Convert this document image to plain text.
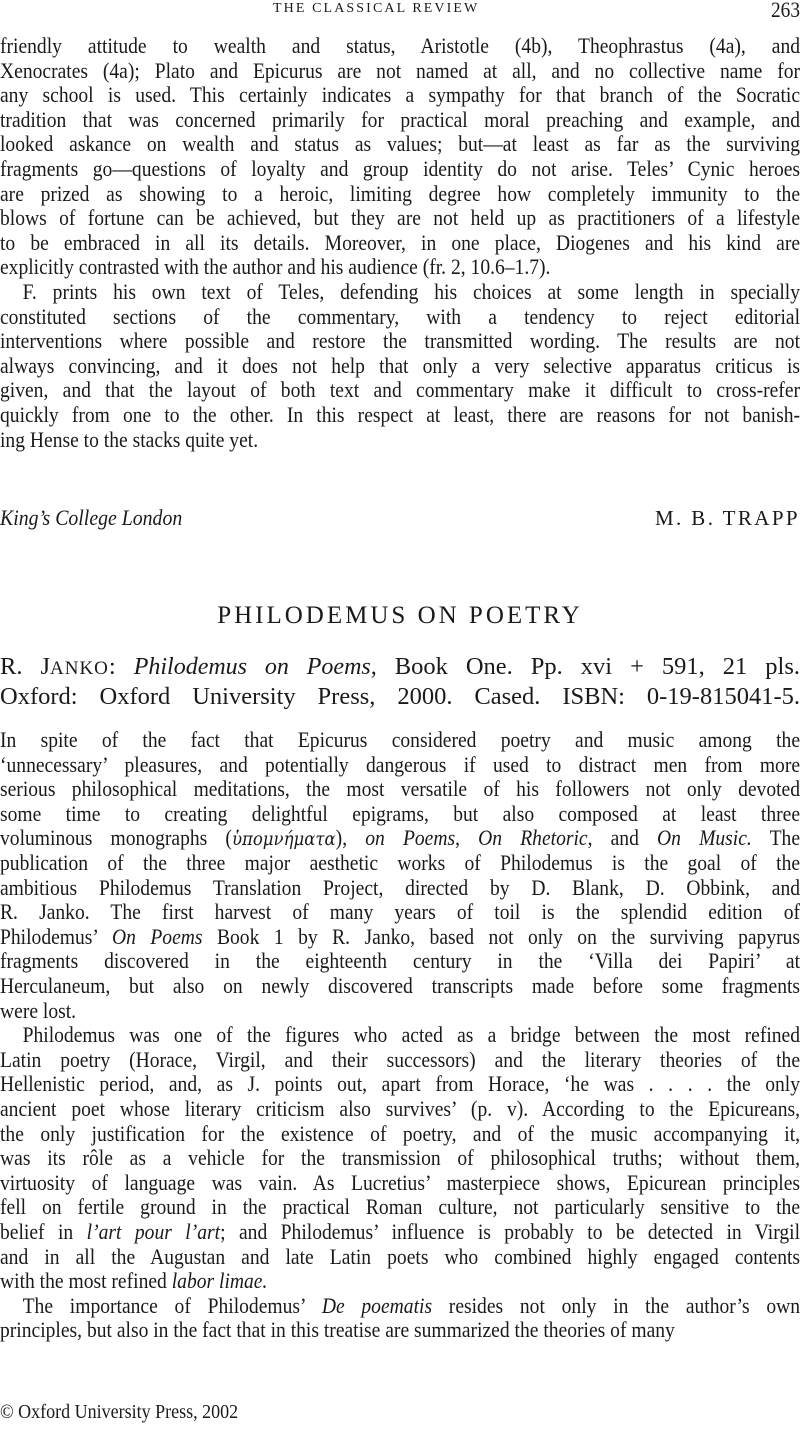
THE CLASSICAL REVIEW	263
friendly attitude to wealth and status, Aristotle (4b), Theophrastus (4a), and
Xenocrates (4a); Plato and Epicurus are not named at all, and no collective name for
any school is used. This certainly indicates a sympathy for that branch of the Socratic
tradition that was concerned primarily for practical moral preaching and example, and
looked askance on wealth and status as values; but—at least as far as the surviving
fragments go—questions of loyalty and group identity do not arise. Teles’ Cynic heroes
are prized as showing to a heroic, limiting degree how completely immunity to the
blows of fortune can be achieved, but they are not held up as practitioners of a lifestyle
to be embraced in all its details. Moreover, in one place, Diogenes and his kind are
explicitly contrasted with the author and his audience (fr. 2, 10.6–1.7).
F. prints his own text of Teles, defending his choices at some length in specially
constituted sections of the commentary, with a tendency to reject editorial
interventions where possible and restore the transmitted wording. The results are not
always convincing, and it does not help that only a very selective apparatus criticus is
given, and that the layout of both text and commentary make it difficult to cross-refer
quickly from one to the other. In this respect at least, there are reasons for not banish-
ing Hense to the stacks quite yet.
King’s College London	M. B. TRAPP
PHILODEMUS ON POETRY
R. JANKO: Philodemus on Poems, Book One. Pp. xvi + 591, 21 pls.
Oxford: Oxford University Press, 2000. Cased. ISBN: 0-19-815041-5.
In spite of the fact that Epicurus considered poetry and music among the
‘unnecessary’ pleasures, and potentially dangerous if used to distract men from more
serious philosophical meditations, the most versatile of his followers not only devoted
some time to creating delightful epigrams, but also composed at least three
voluminous monographs (ὑπομνήματα), on Poems, On Rhetoric, and On Music. The
publication of the three major aesthetic works of Philodemus is the goal of the
ambitious Philodemus Translation Project, directed by D. Blank, D. Obbink, and
R. Janko. The first harvest of many years of toil is the splendid edition of
Philodemus’ On Poems Book 1 by R. Janko, based not only on the surviving papyrus
fragments discovered in the eighteenth century in the ‘Villa dei Papiri’ at
Herculaneum, but also on newly discovered transcripts made before some fragments
were lost.
Philodemus was one of the figures who acted as a bridge between the most refined
Latin poetry (Horace, Virgil, and their successors) and the literary theories of the
Hellenistic period, and, as J. points out, apart from Horace, ‘he was . . . . the only
ancient poet whose literary criticism also survives’ (p. v). According to the Epicureans,
the only justification for the existence of poetry, and of the music accompanying it,
was its rôle as a vehicle for the transmission of philosophical truths; without them,
virtuosity of language was vain. As Lucretius’ masterpiece shows, Epicurean principles
fell on fertile ground in the practical Roman culture, not particularly sensitive to the
belief in l’art pour l’art; and Philodemus’ influence is probably to be detected in Virgil
and in all the Augustan and late Latin poets who combined highly engaged contents
with the most refined labor limae.
The importance of Philodemus’ De poematis resides not only in the author’s own
principles, but also in the fact that in this treatise are summarized the theories of many
© Oxford University Press, 2002
